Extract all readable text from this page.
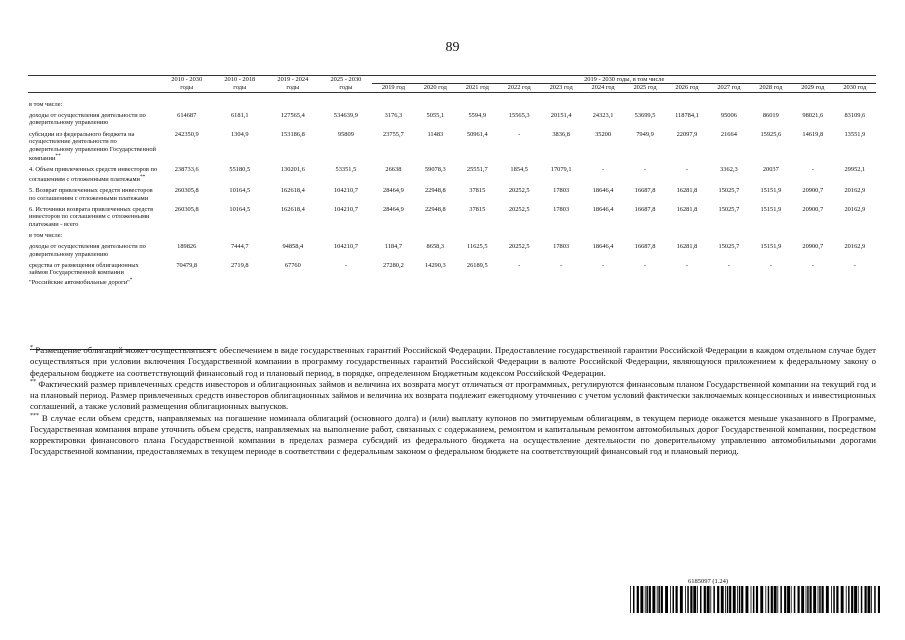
89
	2010 - 2030	2010 - 2018	2019 - 2024	2025 - 2030	2019 - 2030 годы, в том числе											
	годы	годы	годы	годы	2019 год	2020 год	2021 год	2022 год	2023 год	2024 год	2025 год	2026 год	2027 год	2028 год	2029 год	2030 год

в том числе:																
доходы от осуществления деятельности по доверительному управлению	614687	6181,1	127565,4	534639,9	3176,3	5055,1	5594,9	15565,3	20151,4	24323,1	53699,5	118784,1	95006	86019	98021,6	83109,6
субсидии из федерального бюджета на осуществление деятельности по доверительному управлению Государственной компании**	242350,9	1304,9	153186,8	95809	23755,7	11483	50961,4	-	3836,8	35200	7949,9	22097,9	21664	15925,6	14619,8	13551,9
4. Объем привлеченных средств инвесторов по соглашениям с отложенными платежами**	238733,6	55180,5	130201,6	53351,5	26638	59078,3	25551,7	1854,5	17079,1	-	-	-	3362,3	20037	-	29952,1
5. Возврат привлеченных средств инвесторов по соглашениям с отложенными платежами	260305,8	10164,5	162618,4	104210,7	28464,9	22948,8	37815	20252,5	17803	18646,4	16687,8	16281,8	15025,7	15151,9	20900,7	20162,9
6. Источники возврата привлеченных средств инвесторов по соглашениям с отложенными платежами - всего	260305,8	10164,5	162618,4	104210,7	28464,9	22948,8	37815	20252,5	17803	18646,4	16687,8	16281,8	15025,7	15151,9	20900,7	20162,9
в том числе:																
доходы от осуществления деятельности по доверительному управлению	189826	7444,7	94858,4	104210,7	1184,7	8658,3	11625,5	20252,5	17803	18646,4	16687,8	16281,8	15025,7	15151,9	20900,7	20162,9
средства от размещения облигационных займов Государственной компании "Российские автомобильные дороги"*	70479,8	2719,8	67760	-	27280,2	14290,3	26189,5	-	-	-	-	-	-	-	-	-

* Размещение облигаций может осуществляться с обеспечением в виде государственных гарантий Российской Федерации. Предоставление государственной гарантии Российской Федерации в каждом отдельном случае будет осуществляться при условии включения Государственной компании в программу государственных гарантий Российской Федерации в валюте Российской Федерации, являющуюся приложением к федеральному закону о федеральном бюджете на соответствующий финансовый год и плановый период, в порядке, определенном Бюджетным кодексом Российской Федерации.

** Фактический размер привлеченных средств инвесторов и облигационных займов и величина их возврата могут отличаться от программных, регулируются финансовым планом Государственной компании на текущий год и на плановый период. Размер привлеченных средств инвесторов облигационных займов и величина их возврата подлежит ежегодному уточнению с учетом условий фактически заключаемых концессионных и инвестиционных соглашений, а также условий размещения облигационных выпусков.

*** В случае если объем средств, направляемых на погашение номинала облигаций (основного долга) и (или) выплату купонов по эмитируемым облигациям, в текущем периоде окажется меньше указанного в Программе, Государственная компания вправе уточнить объем средств, направляемых на выполнение работ, связанных с содержанием, ремонтом и капитальным ремонтом автомобильных дорог Государственной компании, посредством корректировки финансового плана Государственной компании в пределах размера субсидий из федерального бюджета на осуществление деятельности по доверительному управлению автомобильными дорогами Государственной компании, предоставляемых в текущем периоде в соответствии с федеральным законом о федеральном бюджете на соответствующий финансовый год и плановый период.

6185097 (1.24)
